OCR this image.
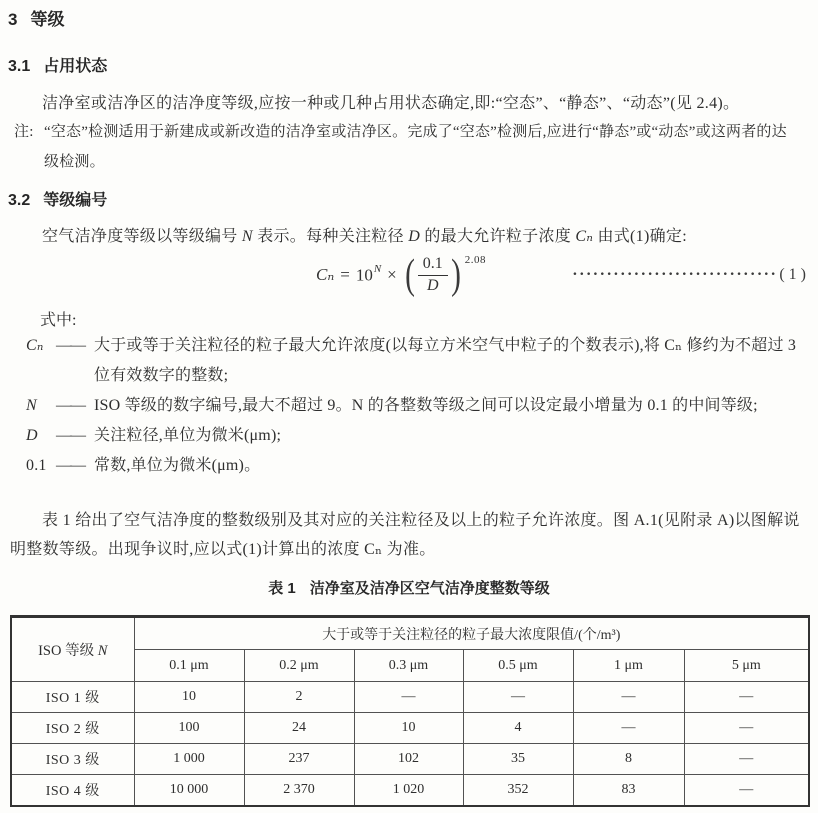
3 等级
3.1 占用状态
洁净室或洁净区的洁净度等级,应按一种或几种占用状态确定,即:“空态”、“静态”、“动态”(见 2.4)。
注: “空态”检测适用于新建成或新改造的洁净室或洁净区。完成了“空态”检测后,应进行“静态”或“动态”或这两者的达级检测。
3.2 等级编号
空气洁净度等级以等级编号 N 表示。每种关注粒径 D 的最大允许粒子浓度 Cₙ 由式(1)确定:
$C_n = 10^N$ × ( $\frac{0.1}{D}$ ) 2.08
······························ ( 1 )
式中:
Cₙ —— 大于或等于关注粒径的粒子最大允许浓度(以每立方米空气中粒子的个数表示),将 Cₙ 修约为不超过 3 位有效数字的整数;
N	—— ISO 等级的数字编号,最大不超过 9。N 的各整数等级之间可以设定最小增量为 0.1 的中间等级;
D	—— 关注粒径,单位为微米(μm);
0.1 —— 常数,单位为微米(μm)。
表 1 给出了空气洁净度的整数级别及其对应的关注粒径及以上的粒子允许浓度。图 A.1(见附录 A)以图解说明整数等级。出现争议时,应以式(1)计算出的浓度 Cₙ 为准。
表 1 洁净室及洁净区空气洁净度整数等级
ISO 等级 N	大于或等于关注粒径的粒子最大浓度限值/(个/m³)					
	0.1 μm	0.2 μm	0.3 μm	0.5 μm	1 μm	5 μm
ISO 1 级	10	2	—	—	—	—
ISO 2 级	100	24	10	4	—	—
ISO 3 级	1 000	237	102	35	8	—
ISO 4 级	10 000	2 370	1 020	352	83	—
